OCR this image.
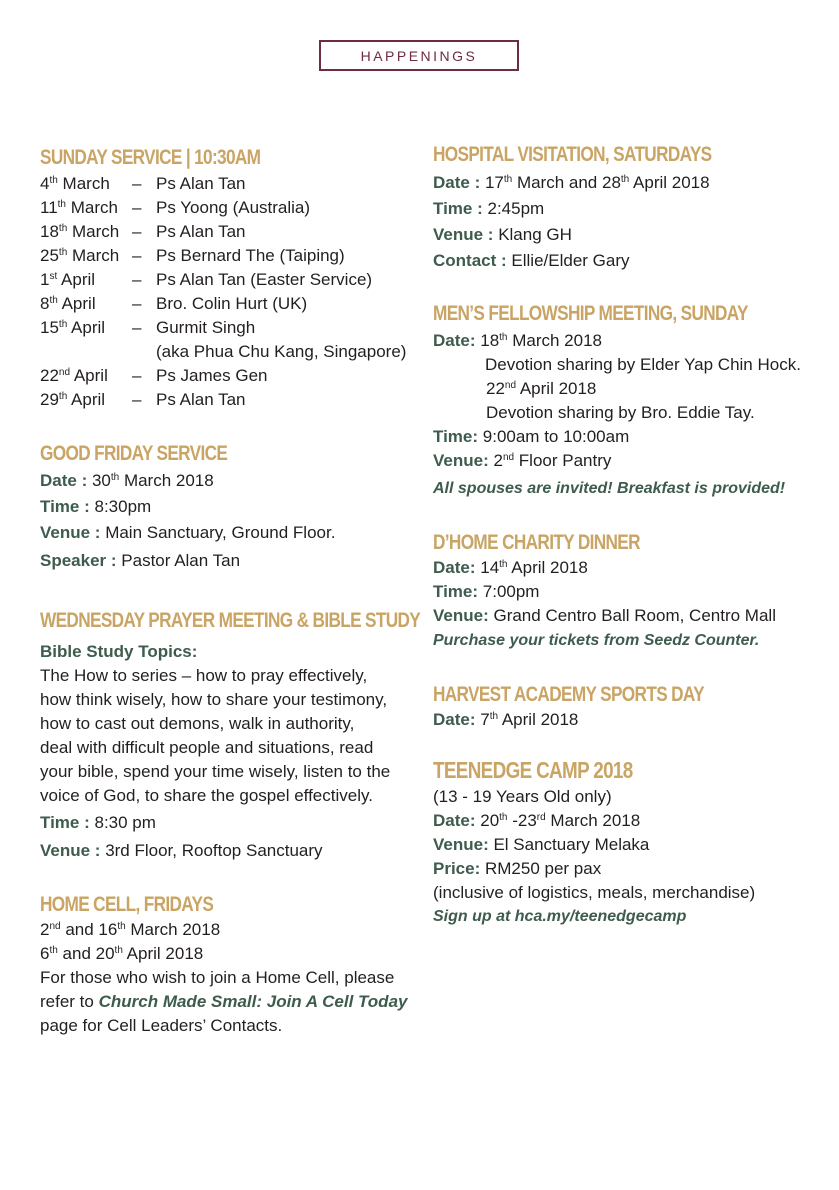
HAPPENINGS
SUNDAY SERVICE | 10:30AM
4th March – Ps Alan Tan
11th March – Ps Yoong (Australia)
18th March – Ps Alan Tan
25th March – Ps Bernard The (Taiping)
1st April – Ps Alan Tan (Easter Service)
8th April – Bro. Colin Hurt (UK)
15th April – Gurmit Singh
(aka Phua Chu Kang, Singapore)
22nd April – Ps James Gen
29th April – Ps Alan Tan
GOOD FRIDAY SERVICE
Date : 30th March 2018
Time : 8:30pm
Venue : Main Sanctuary, Ground Floor.
Speaker : Pastor Alan Tan
WEDNESDAY PRAYER MEETING & BIBLE STUDY
Bible Study Topics:
The How to series – how to pray effectively,
how think wisely, how to share your testimony,
how to cast out demons, walk in authority,
deal with difficult people and situations, read
your bible, spend your time wisely, listen to the
voice of God, to share the gospel effectively.
Time : 8:30 pm
Venue : 3rd Floor, Rooftop Sanctuary
HOME CELL, FRIDAYS
2nd and 16th March 2018
6th and 20th April 2018
For those who wish to join a Home Cell, please
refer to Church Made Small: Join A Cell Today
page for Cell Leaders’ Contacts.
HOSPITAL VISITATION, SATURDAYS
Date : 17th March and 28th April 2018
Time : 2:45pm
Venue : Klang GH
Contact : Ellie/Elder Gary
MEN’S FELLOWSHIP MEETING, SUNDAY
Date: 18th March 2018
Devotion sharing by Elder Yap Chin Hock.
22nd April 2018
Devotion sharing by Bro. Eddie Tay.
Time: 9:00am to 10:00am
Venue: 2nd Floor Pantry
All spouses are invited! Breakfast is provided!
D’HOME CHARITY DINNER
Date: 14th April 2018
Time: 7:00pm
Venue: Grand Centro Ball Room, Centro Mall
Purchase your tickets from Seedz Counter.
HARVEST ACADEMY SPORTS DAY
Date: 7th April 2018
TEENEDGE CAMP 2018
(13 - 19 Years Old only)
Date: 20th -23rd March 2018
Venue: El Sanctuary Melaka
Price: RM250 per pax
(inclusive of logistics, meals, merchandise)
Sign up at hca.my/teenedgecamp
